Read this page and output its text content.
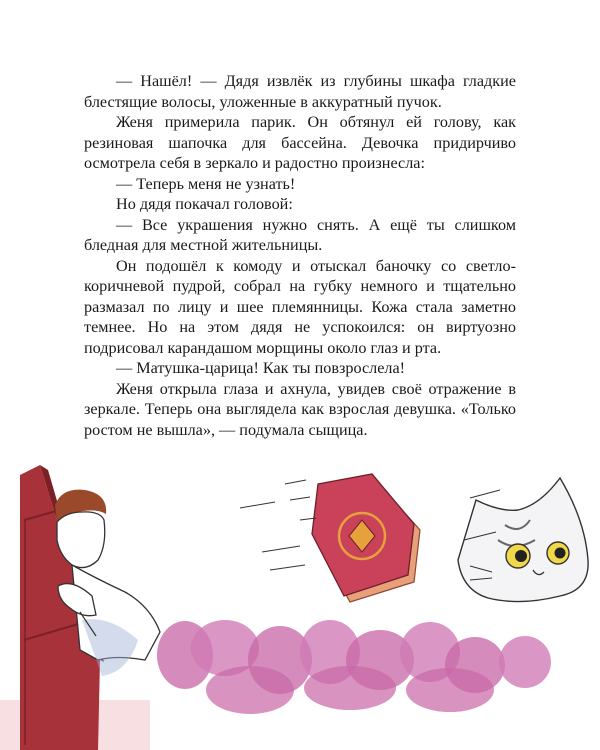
— Нашёл! — Дядя извлёк из глубины шкафа гладкие блестящие волосы, уложенные в аккуратный пучок.

Женя примерила парик. Он обтянул ей голову, как резиновая шапочка для бассейна. Девочка придирчиво осмотрела себя в зеркало и радостно произнесла:

— Теперь меня не узнать!

Но дядя покачал головой:

— Все украшения нужно снять. А ещё ты слишком бледная для местной жительницы.

Он подошёл к комоду и отыскал баночку со светло-коричневой пудрой, собрал на губку немного и тщательно размазал по лицу и шее племянницы. Кожа стала заметно темнее. Но на этом дядя не успокоился: он виртуозно подрисовал карандашом морщины около глаз и рта.

— Матушка-царица! Как ты повзрослела!

Женя открыла глаза и ахнула, увидев своё отражение в зеркале. Теперь она выглядела как взрослая девушка. «Только ростом не вышла», — подумала сыщица.
